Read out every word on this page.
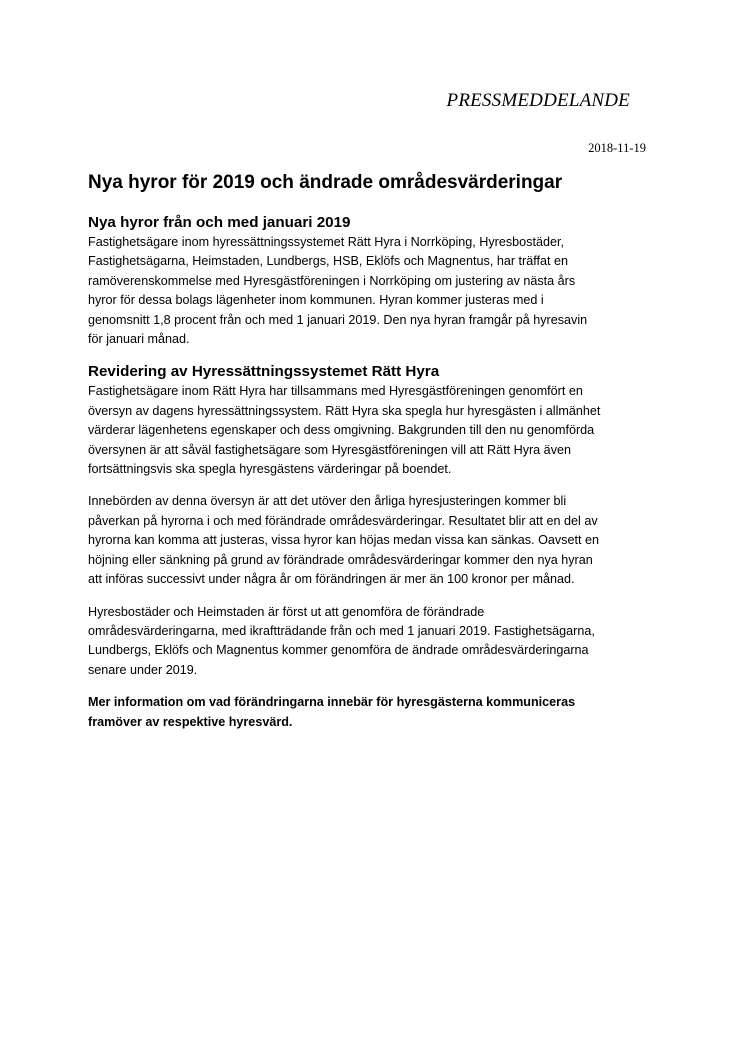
PRESSMEDDELANDE
2018-11-19
Nya hyror för 2019 och ändrade områdesvärderingar
Nya hyror från och med januari 2019

Fastighetsägare inom hyressättningssystemet Rätt Hyra i Norrköping, Hyresbostäder,
Fastighetsägarna, Heimstaden, Lundbergs, HSB, Eklöfs och Magnentus, har träffat en
ramöverenskommelse med Hyresgästföreningen i Norrköping om justering av nästa års
hyror för dessa bolags lägenheter inom kommunen. Hyran kommer justeras med i
genomsnitt 1,8 procent från och med 1 januari 2019. Den nya hyran framgår på hyresavin
för januari månad.

Revidering av Hyressättningssystemet Rätt Hyra

Fastighetsägare inom Rätt Hyra har tillsammans med Hyresgästföreningen genomfört en
översyn av dagens hyressättningssystem. Rätt Hyra ska spegla hur hyresgästen i allmänhet
värderar lägenhetens egenskaper och dess omgivning. Bakgrunden till den nu genomförda
översynen är att såväl fastighetsägare som Hyresgästföreningen vill att Rätt Hyra även
fortsättningsvis ska spegla hyresgästens värderingar på boendet.

Innebörden av denna översyn är att det utöver den årliga hyresjusteringen kommer bli
påverkan på hyrorna i och med förändrade områdesvärderingar. Resultatet blir att en del av
hyrorna kan komma att justeras, vissa hyror kan höjas medan vissa kan sänkas. Oavsett en
höjning eller sänkning på grund av förändrade områdesvärderingar kommer den nya hyran
att införas successivt under några år om förändringen är mer än 100 kronor per månad.

Hyresbostäder och Heimstaden är först ut att genomföra de förändrade
områdesvärderingarna, med ikraftträdande från och med 1 januari 2019. Fastighetsägarna,
Lundbergs, Eklöfs och Magnentus kommer genomföra de ändrade områdesvärderingarna
senare under 2019.

Mer information om vad förändringarna innebär för hyresgästerna kommuniceras
framöver av respektive hyresvärd.
